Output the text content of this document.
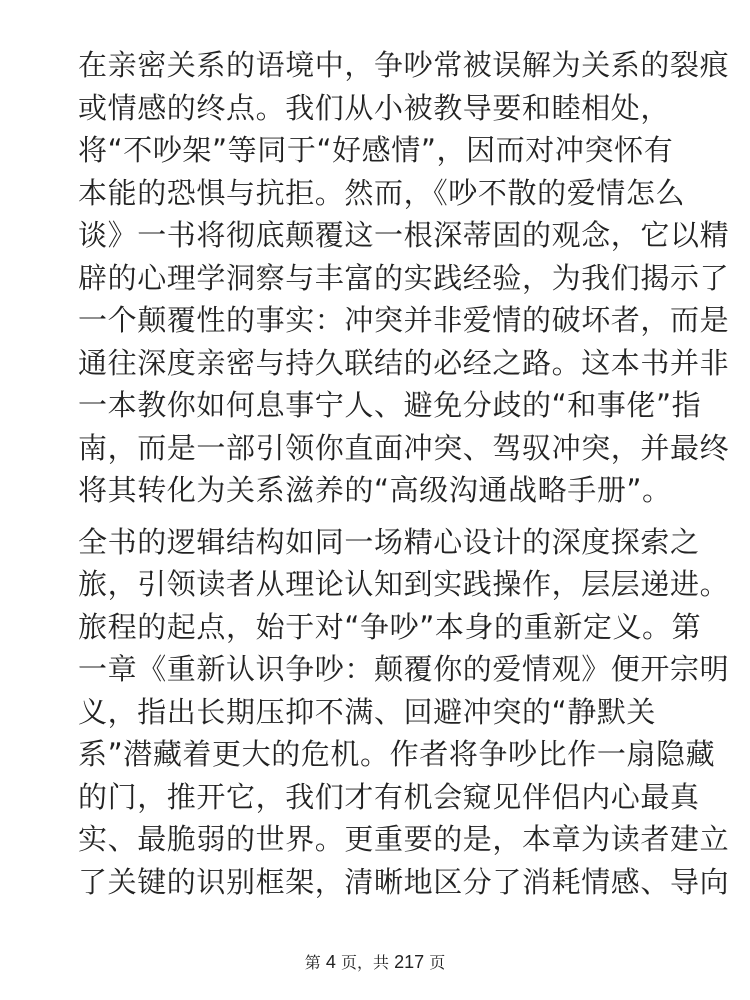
在亲密关系的语境中，争吵常被误解为关系的裂痕
或情感的终点。我们从小被教导要和睦相处，
将“不吵架”等同于“好感情”，因而对冲突怀有
本能的恐惧与抗拒。然而，《吵不散的爱情怎么
谈》一书将彻底颠覆这一根深蒂固的观念，它以精
辟的心理学洞察与丰富的实践经验，为我们揭示了
一个颠覆性的事实：冲突并非爱情的破坏者，而是
通往深度亲密与持久联结的必经之路。这本书并非
一本教你如何息事宁人、避免分歧的“和事佬”指
南，而是一部引领你直面冲突、驾驭冲突，并最终
将其转化为关系滋养的“高级沟通战略手册”。
全书的逻辑结构如同一场精心设计的深度探索之
旅，引领读者从理论认知到实践操作，层层递进。
旅程的起点，始于对“争吵”本身的重新定义。第
一章《重新认识争吵：颠覆你的爱情观》便开宗明
义，指出长期压抑不满、回避冲突的“静默关
系”潜藏着更大的危机。作者将争吵比作一扇隐藏
的门，推开它，我们才有机会窥见伴侣内心最真
实、最脆弱的世界。更重要的是，本章为读者建立
了关键的识别框架，清晰地区分了消耗情感、导向
第 4 页，共 217 页
